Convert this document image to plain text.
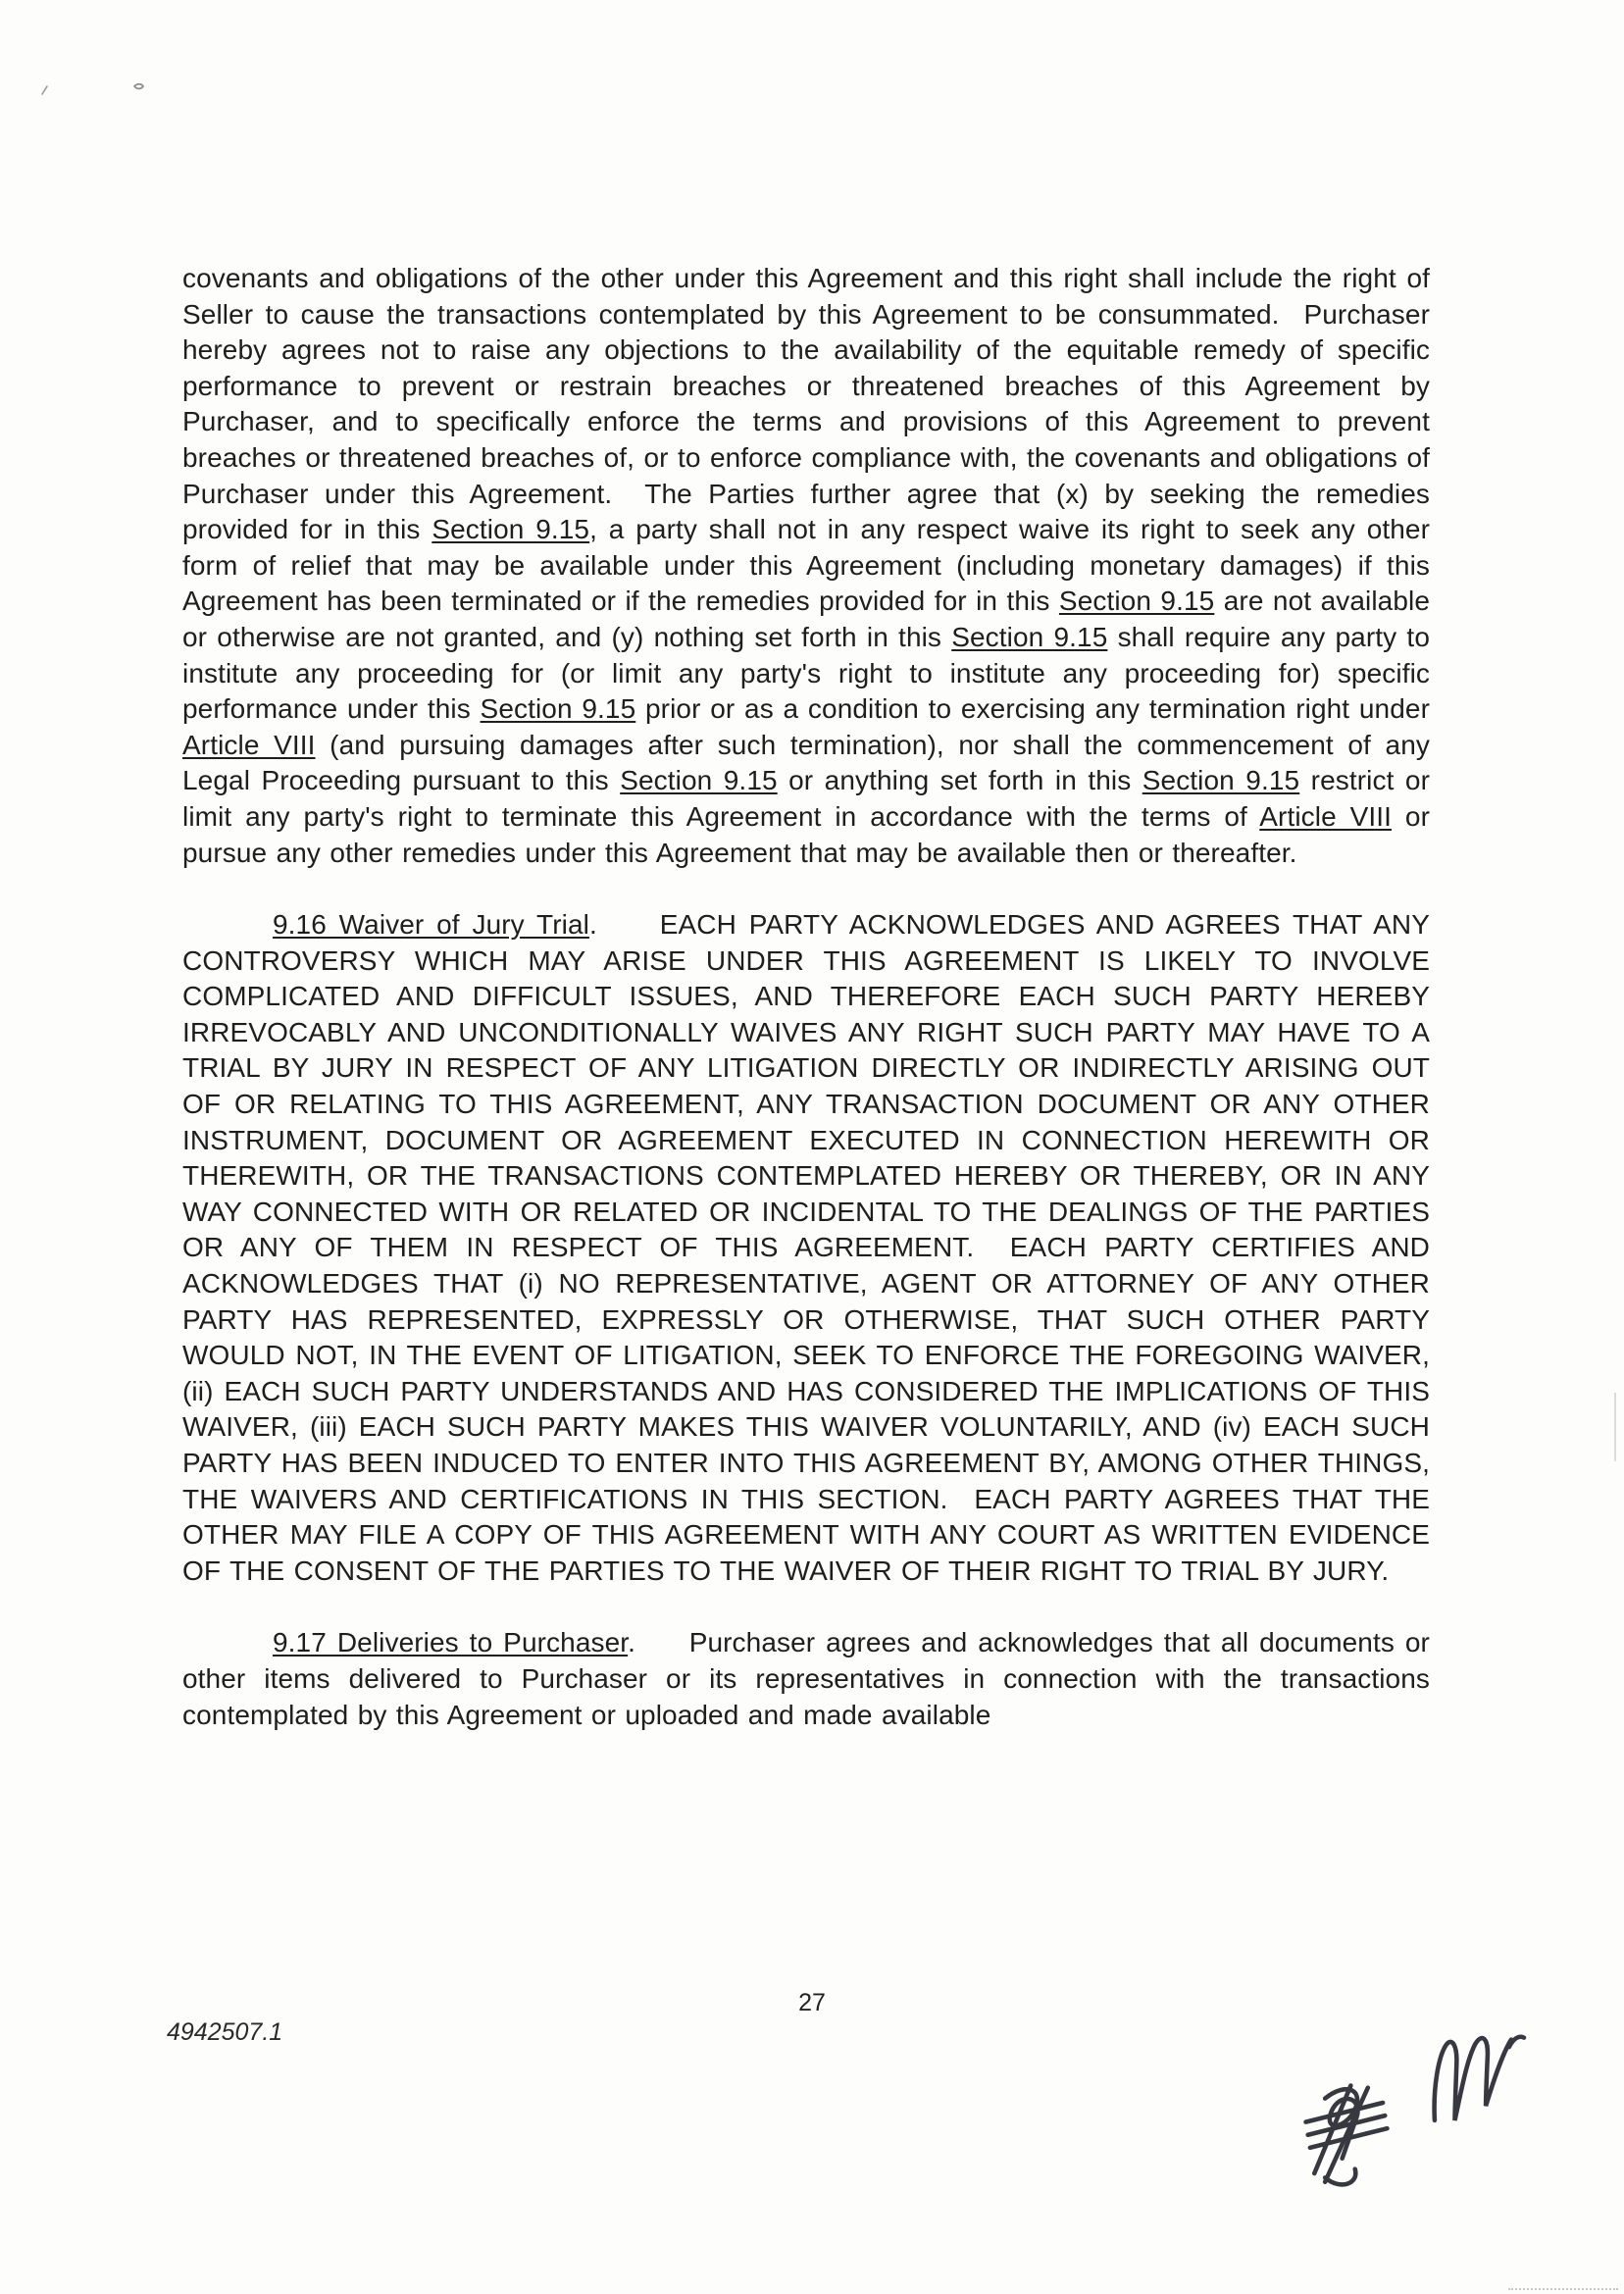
covenants and obligations of the other under this Agreement and this right shall include the right of Seller to cause the transactions contemplated by this Agreement to be consummated.  Purchaser hereby agrees not to raise any objections to the availability of the equitable remedy of specific performance to prevent or restrain breaches or threatened breaches of this Agreement by Purchaser, and to specifically enforce the terms and provisions of this Agreement to prevent breaches or threatened breaches of, or to enforce compliance with, the covenants and obligations of Purchaser under this Agreement.  The Parties further agree that (x) by seeking the remedies provided for in this Section 9.15, a party shall not in any respect waive its right to seek any other form of relief that may be available under this Agreement (including monetary damages) if this Agreement has been terminated or if the remedies provided for in this Section 9.15 are not available or otherwise are not granted, and (y) nothing set forth in this Section 9.15 shall require any party to institute any proceeding for (or limit any party's right to institute any proceeding for) specific performance under this Section 9.15 prior or as a condition to exercising any termination right under Article VIII (and pursuing damages after such termination), nor shall the commencement of any Legal Proceeding pursuant to this Section 9.15 or anything set forth in this Section 9.15 restrict or limit any party's right to terminate this Agreement in accordance with the terms of Article VIII or pursue any other remedies under this Agreement that may be available then or thereafter.

9.16 Waiver of Jury Trial.     EACH PARTY ACKNOWLEDGES AND AGREES THAT ANY CONTROVERSY WHICH MAY ARISE UNDER THIS AGREEMENT IS LIKELY TO INVOLVE COMPLICATED AND DIFFICULT ISSUES, AND THEREFORE EACH SUCH PARTY HEREBY IRREVOCABLY AND UNCONDITIONALLY WAIVES ANY RIGHT SUCH PARTY MAY HAVE TO A TRIAL BY JURY IN RESPECT OF ANY LITIGATION DIRECTLY OR INDIRECTLY ARISING OUT OF OR RELATING TO THIS AGREEMENT, ANY TRANSACTION DOCUMENT OR ANY OTHER INSTRUMENT, DOCUMENT OR AGREEMENT EXECUTED IN CONNECTION HEREWITH OR THEREWITH, OR THE TRANSACTIONS CONTEMPLATED HEREBY OR THEREBY, OR IN ANY WAY CONNECTED WITH OR RELATED OR INCIDENTAL TO THE DEALINGS OF THE PARTIES OR ANY OF THEM IN RESPECT OF THIS AGREEMENT.  EACH PARTY CERTIFIES AND ACKNOWLEDGES THAT (i) NO REPRESENTATIVE, AGENT OR ATTORNEY OF ANY OTHER PARTY HAS REPRESENTED, EXPRESSLY OR OTHERWISE, THAT SUCH OTHER PARTY WOULD NOT, IN THE EVENT OF LITIGATION, SEEK TO ENFORCE THE FOREGOING WAIVER, (ii) EACH SUCH PARTY UNDERSTANDS AND HAS CONSIDERED THE IMPLICATIONS OF THIS WAIVER, (iii) EACH SUCH PARTY MAKES THIS WAIVER VOLUNTARILY, AND (iv) EACH SUCH PARTY HAS BEEN INDUCED TO ENTER INTO THIS AGREEMENT BY, AMONG OTHER THINGS, THE WAIVERS AND CERTIFICATIONS IN THIS SECTION.  EACH PARTY AGREES THAT THE OTHER MAY FILE A COPY OF THIS AGREEMENT WITH ANY COURT AS WRITTEN EVIDENCE OF THE CONSENT OF THE PARTIES TO THE WAIVER OF THEIR RIGHT TO TRIAL BY JURY.

9.17 Deliveries to Purchaser.     Purchaser agrees and acknowledges that all documents or other items delivered to Purchaser or its representatives in connection with the transactions contemplated by this Agreement or uploaded and made available

27
4942507.1
